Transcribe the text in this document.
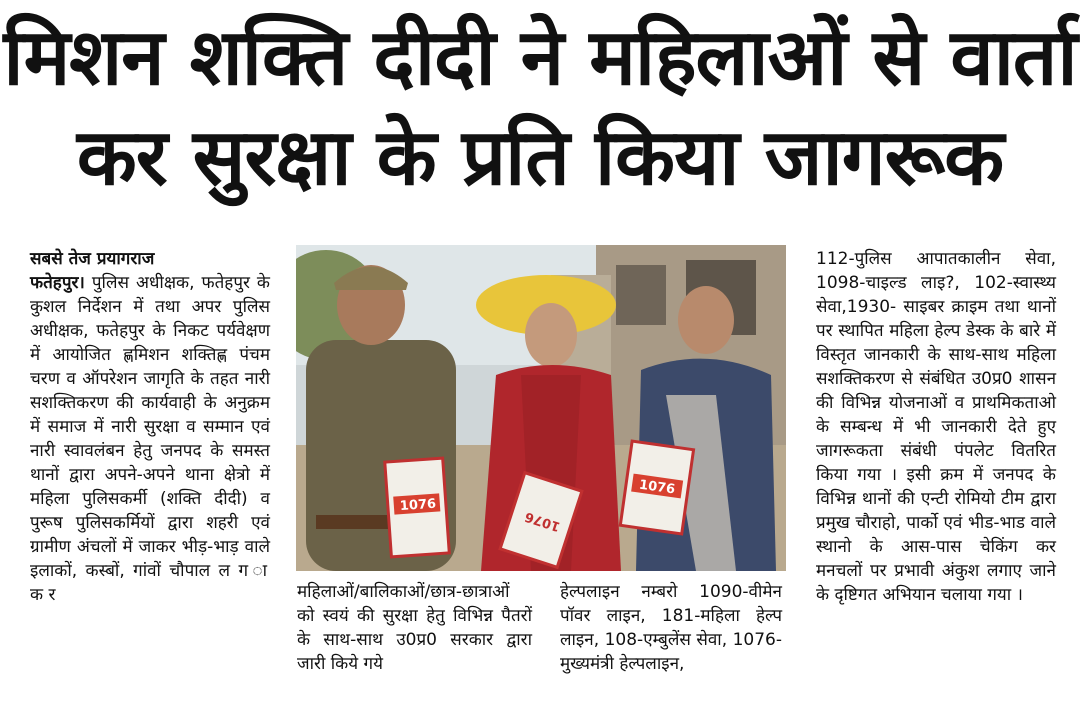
मिशन शक्ति दीदी ने महिलाओं से वार्ता
कर सुरक्षा के प्रति किया जागरूक
सबसे तेज प्रयागराज

फतेहपुर। पुलिस अधीक्षक, फतेहपुर के कुशल निर्देशन में तथा अपर पुलिस अधीक्षक, फतेहपुर के निकट पर्यवेक्षण में आयोजित ह्णमिशन शक्तिह्ण पंचम चरण व ऑपरेशन जागृति के तहत नारी सशक्तिकरण की कार्यवाही के अनुक्रम में समाज में नारी सुरक्षा व सम्मान एवं नारी स्वावलंबन हेतु जनपद के समस्त थानों द्वारा अपने-अपने थाना क्षेत्रो में महिला पुलिसकर्मी (शक्ति दीदी) व पुरूष पुलिसकर्मियों द्वारा शहरी एवं ग्रामीण अंचलों में जाकर भीड़-भाड़ वाले इलाकों, कस्बों, गांवों चौपाल ल ग ा क र

1076
1076
1076

महिलाओं/बालिकाओं/छात्र-छात्राओं को स्वयं की सुरक्षा हेतु विभिन्न पैतरों के साथ-साथ उ0प्र0 सरकार द्वारा जारी किये गये

हेल्पलाइन नम्बरो 1090-वीमेन पॉवर लाइन, 181-महिला हेल्प लाइन, 108-एम्बुलेंस सेवा, 1076-मुख्यमंत्री हेल्पलाइन,

112-पुलिस आपातकालीन सेवा, 1098-चाइल्ड लाइ?, 102-स्वास्थ्य सेवा,1930- साइबर क्राइम तथा थानों पर स्थापित महिला हेल्प डेस्क के बारे में विस्तृत जानकारी के साथ-साथ महिला सशक्तिकरण से संबंधित उ0प्र0 शासन की विभिन्न योजनाओं व प्राथमिकताओ के सम्बन्ध में भी जानकारी देते हुए जागरूकता संबंधी पंपलेट वितरित किया गया । इसी क्रम में जनपद के विभिन्न थानों की एन्टी रोमियो टीम द्वारा प्रमुख चौराहो, पार्को एवं भीड-भाड वाले स्थानो के आस-पास चेकिंग कर मनचलों पर प्रभावी अंकुश लगाए जाने के दृष्टिगत अभियान चलाया गया ।
